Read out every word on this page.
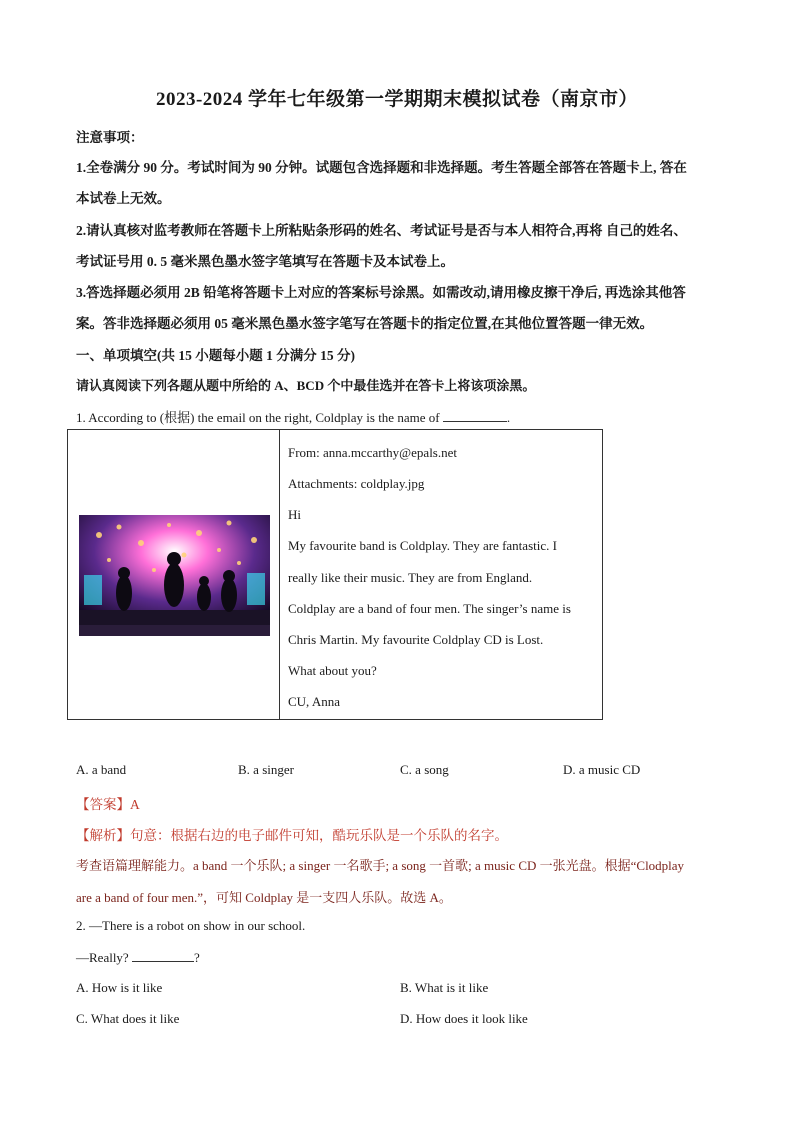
2023-2024 学年七年级第一学期期末模拟试卷（南京市）
注意事项：
1.全卷满分 90 分。考试时间为 90 分钟。试题包含选择题和非选择题。考生答题全部答在答题卡上, 答在
本试卷上无效。
2.请认真核对监考教师在答题卡上所粘贴条形码的姓名、考试证号是否与本人相符合,再将 自己的姓名、
考试证号用 0. 5 毫米黑色墨水签字笔填写在答题卡及本试卷上。
3.答选择题必须用 2B 铅笔将答题卡上对应的答案标号涂黑。如需改动,请用橡皮擦干净后, 再选涂其他答
案。答非选择题必须用 05 毫米黑色墨水签字笔写在答题卡的指定位置,在其他位置答题一律无效。
一、单项填空(共 15 小题每小题 1 分满分 15 分)
请认真阅读下列各题从题中所给的 A、BCD 个中最佳选并在答卡上将该项涂黑。
1. According to (根据) the email on the right, Coldplay is the name of	.
From: anna.mccarthy@epals.net
Attachments: coldplay.jpg
Hi
My favourite band is Coldplay. They are fantastic. I
really like their music. They are from England.
Coldplay are a band of four men. The singer’s name is
Chris Martin. My favourite Coldplay CD is Lost.
What about you?
CU, Anna
A. a band	B. a singer	C. a song	D. a music CD
【答案】A
【解析】句意：根据右边的电子邮件可知，酷玩乐队是一个乐队的名字。
考查语篇理解能力。a band 一个乐队; a singer 一名歌手; a song 一首歌; a music CD 一张光盘。根据“Clodplay
are a band of four men.”，可知 Coldplay 是一支四人乐队。故选 A。
2. —There is a robot on show in our school.
—Really?	?
A. How is it like	B. What is it like
C. What does it like	D. How does it look like
